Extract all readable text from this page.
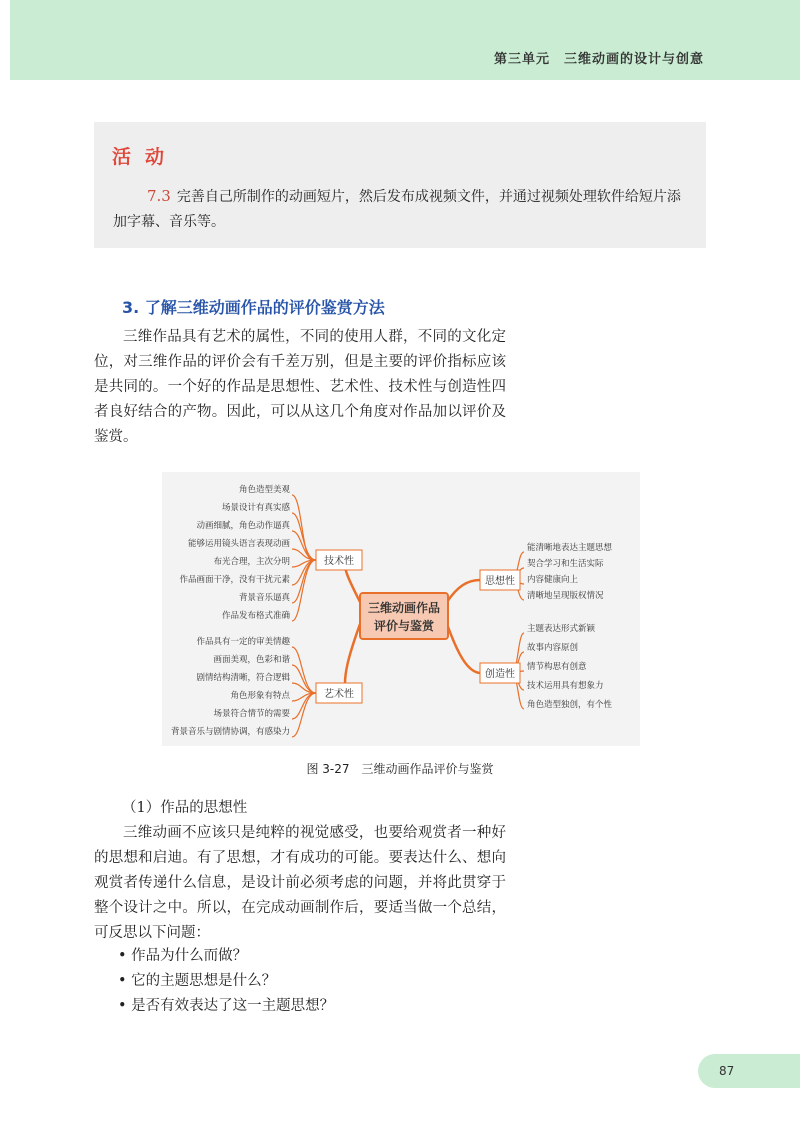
第三单元　三维动画的设计与创意
活动
7.3 完善自己所制作的动画短片，然后发布成视频文件，并通过视频处理软件给短片添加字幕、音乐等。
3. 了解三维动画作品的评价鉴赏方法
三维作品具有艺术的属性，不同的使用人群，不同的文化定位，对三维作品的评价会有千差万别，但是主要的评价指标应该是共同的。一个好的作品是思想性、艺术性、技术性与创造性四者良好结合的产物。因此，可以从这几个角度对作品加以评价及鉴赏。
三维动画作品
评价与鉴赏
技术性
艺术性
思想性
创造性
角色造型美观
场景设计有真实感
动画细腻，角色动作逼真
能够运用镜头语言表现动画
布光合理，主次分明
作品画面干净，没有干扰元素
背景音乐逼真
作品发布格式准确
作品具有一定的审美情趣
画面美观，色彩和谐
剧情结构清晰，符合逻辑
角色形象有特点
场景符合情节的需要
背景音乐与剧情协调，有感染力
能清晰地表达主题思想
契合学习和生活实际
内容健康向上
清晰地呈现版权情况
主题表达形式新颖
故事内容原创
情节构思有创意
技术运用具有想象力
角色造型独创，有个性
图 3-27　三维动画作品评价与鉴赏
（1）作品的思想性
三维动画不应该只是纯粹的视觉感受，也要给观赏者一种好的思想和启迪。有了思想，才有成功的可能。要表达什么、想向观赏者传递什么信息，是设计前必须考虑的问题，并将此贯穿于整个设计之中。所以，在完成动画制作后，要适当做一个总结，可反思以下问题：
• 作品为什么而做？
• 它的主题思想是什么？
• 是否有效表达了这一主题思想？
87
